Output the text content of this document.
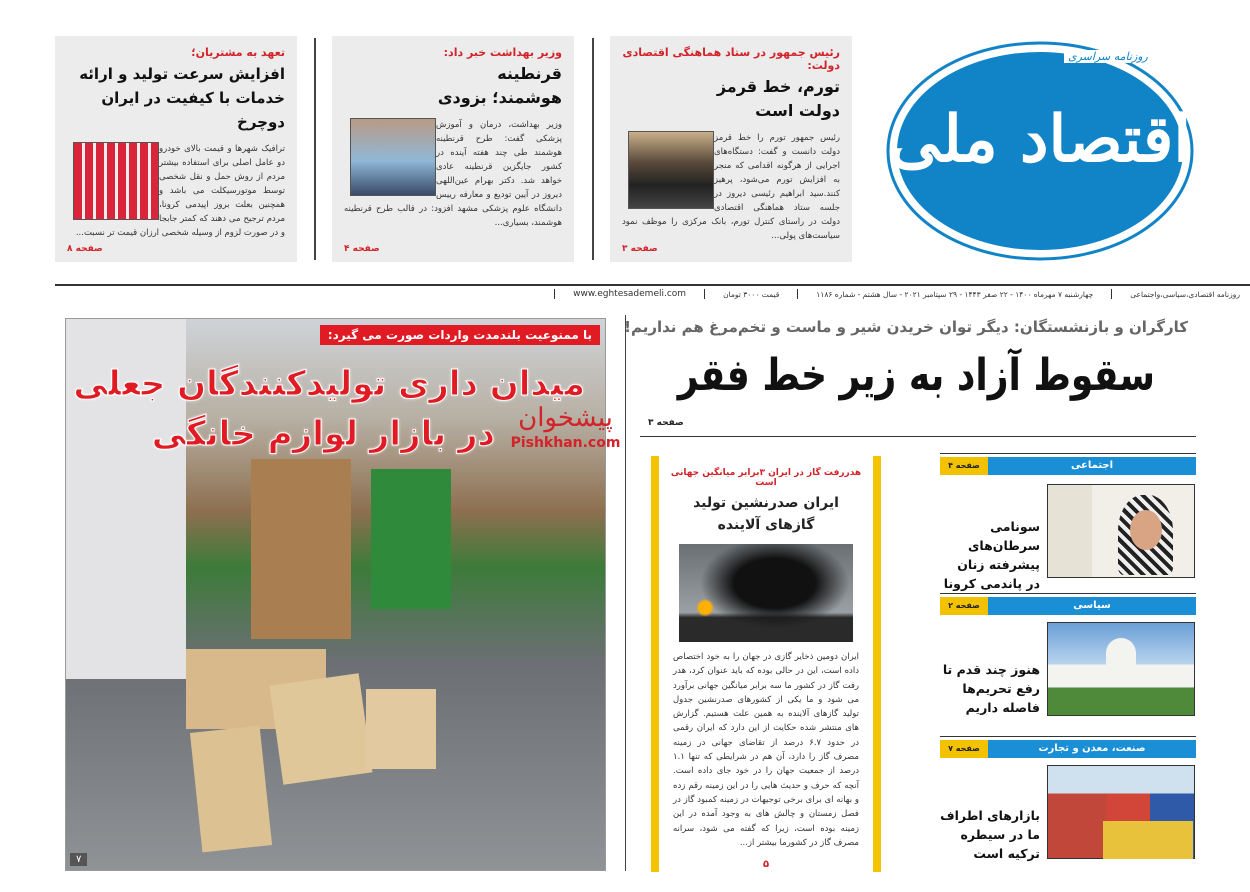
اقتصاد ملی
روزنامه سراسری
رئیس جمهور در ستاد هماهنگی اقتصادی دولت:
تورم، خط قرمز دولت است
رئیس جمهور تورم را خط قرمز دولت دانست و گفت: دستگاه‌های اجرایی از هرگونه اقدامی که منجر به افزایش تورم می‌شود، پرهیز کنند.سید ابراهیم رئیسی دیروز در جلسه ستاد هماهنگی اقتصادی دولت در راستای کنترل تورم، بانک مرکزی را موظف نمود سیاست‌های پولی...
صفحه ۳
وزیر بهداشت خبر داد:
قرنطینه هوشمند؛ بزودی
وزیر بهداشت، درمان و آموزش پزشکی گفت: طرح قرنطینه هوشمند طی چند هفته آینده در کشور جایگزین قرنطینه عادی خواهد شد. دکتر بهرام عین‌اللهی دیروز در آیین تودیع و معارفه رییس دانشگاه علوم پزشکی مشهد افزود: در قالب طرح قرنطینه هوشمند، بسیاری...
صفحه ۴
تعهد به مشتریان؛
افزایش سرعت تولید و ارائه خدمات با کیفیت در ایران دوچرخ
ترافیک شهرها و قیمت بالای خودرو دو عامل اصلی برای استفاده بیشتر مردم از روش حمل و نقل شخصی توسط موتورسیکلت می باشد و همچنین بعلت بروز اپیدمی کرونا، مردم ترجیح می دهند که کمتر جابجا و در صورت لزوم از وسیله شخصی ارزان قیمت تر نسبت...
صفحه ۸
روزنامه اقتصادی،سیاسی،واجتماعی
چهارشنبه ۷ مهرماه ۱۴۰۰ - ۲۲ صفر ۱۴۴۳ - ۲۹ سپتامبر ۲۰۲۱ - سال هشتم - شماره ۱۱۸۶
قیمت ۳۰۰۰ تومان
www.eghtesademeli.com
کارگران و بازنشستگان: دیگر توان خریدن شیر و ماست و تخم‌مرغ هم نداریم!
سقوط آزاد به زیر خط فقر
صفحه ۳
با ممنوعیت بلندمدت واردات صورت می گیرد:
میدان داری تولیدکنندگان جعلی
در بازار لوازم خانگی
۷
پیشخوان
Pishkhan.com
هدررفت گاز در ایران ۳برابر میانگین جهانی است
ایران صدرنشین تولید گازهای آلاینده
ایران دومین ذخایر گازی در جهان را به خود اختصاص داده است، این در حالی بوده که باید عنوان کرد، هدر رفت گاز در کشور ما سه برابر میانگین جهانی برآورد می شود و ما یکی از کشورهای صدرنشین جدول تولید گازهای آلاینده به همین علت هستیم. گزارش های منتشر شده حکایت از این دارد که ایران رقمی در حدود ۶.۷ درصد از تقاضای جهانی در زمینه مصرف گاز را دارد، آن هم در شرایطی که تنها ۱.۱ درصد از جمعیت جهان را در خود جای داده است. آنچه که حرف و حدیث هایی را در این زمینه رقم زده و بهانه ای برای برخی توجیهات در زمینه کمبود گاز در فصل زمستان و چالش های به وجود آمده در این زمینه بوده است، زیرا که گفته می شود، سرانه مصرف گاز در کشورما بیشتر از...
۵
اجتماعی
صفحه ۴
سونامی سرطان‌های پیشرفته زنان در پاندمی کرونا
سیاسی
صفحه ۲
هنوز چند قدم تا رفع تحریم‌ها فاصله داریم
صنعت، معدن و تجارت
صفحه ۷
بازارهای اطراف ما در سیطره ترکیه است
